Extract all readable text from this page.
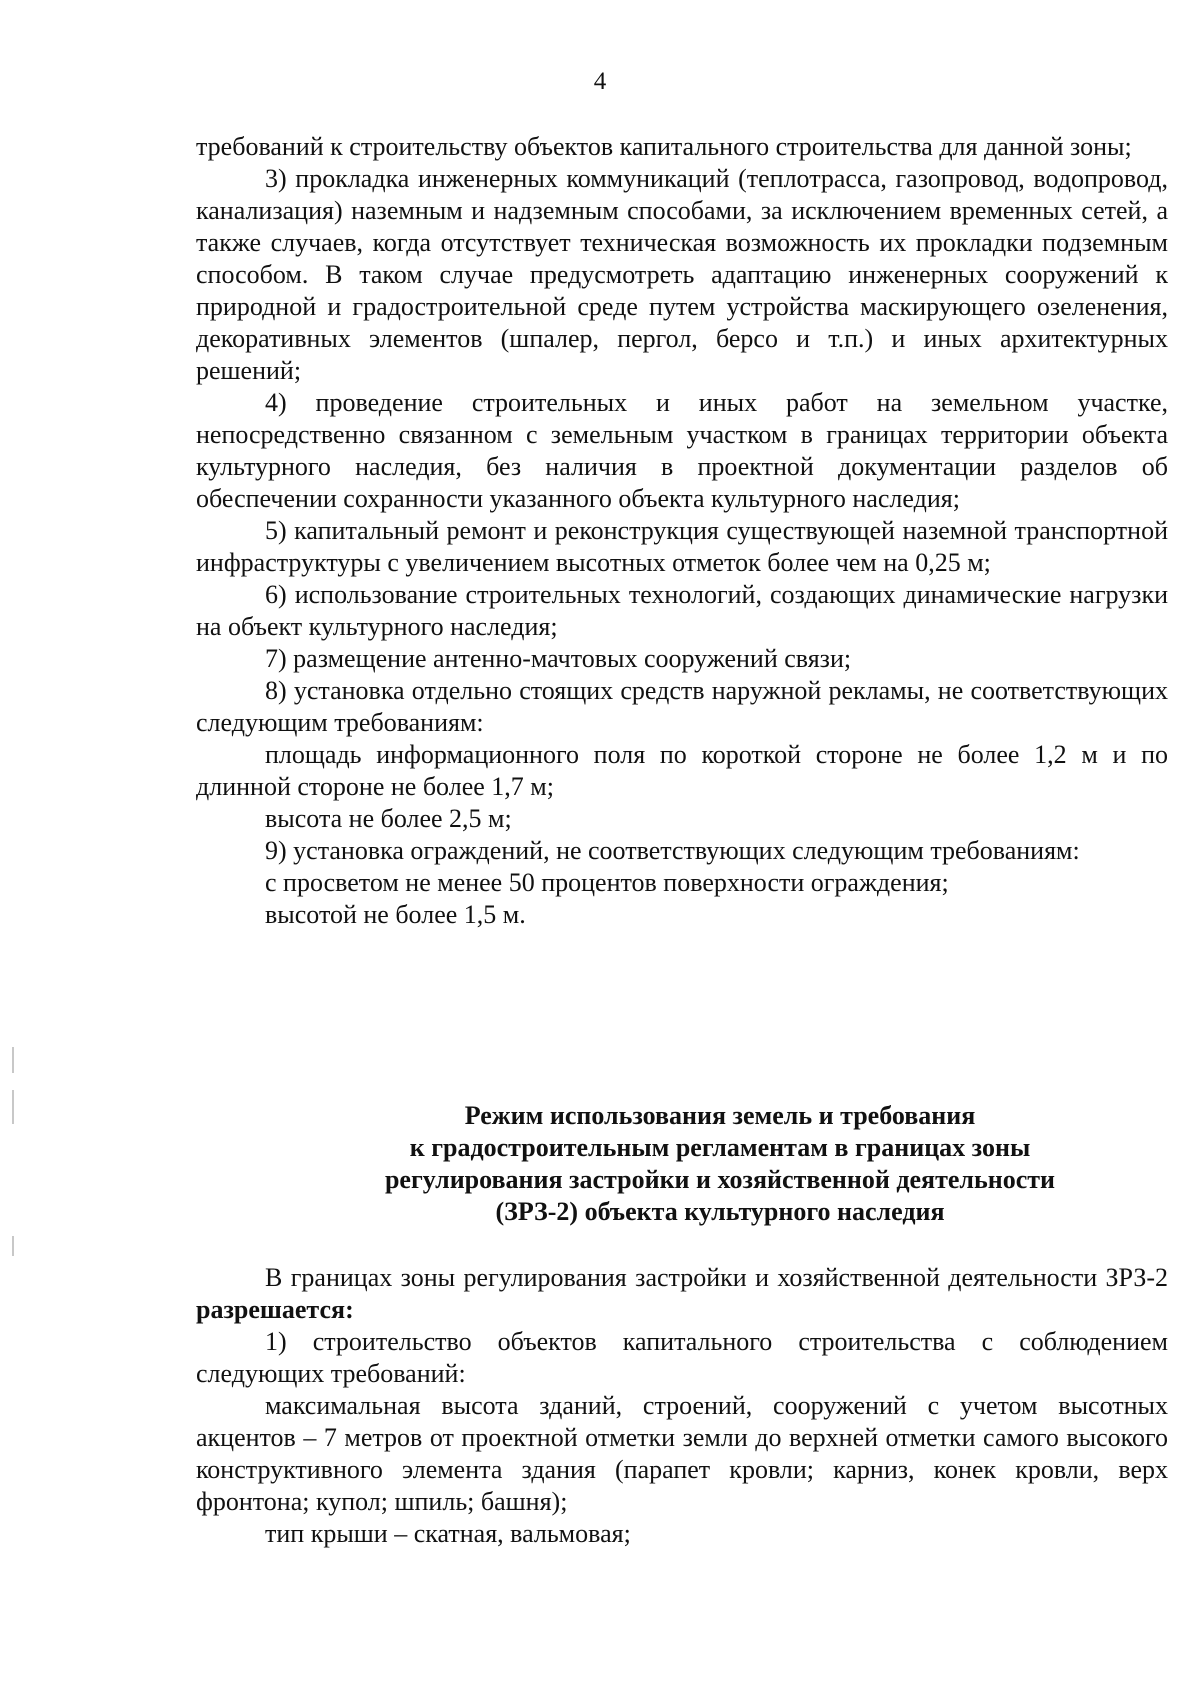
4

требований к строительству объектов капитального строительства для данной зоны;

3) прокладка инженерных коммуникаций (теплотрасса, газопровод, водопровод, канализация) наземным и надземным способами, за исключением временных сетей, а также случаев, когда отсутствует техническая возможность их прокладки подземным способом. В таком случае предусмотреть адаптацию инженерных сооружений к природной и градостроительной среде путем устройства маскирующего озеленения, декоративных элементов (шпалер, пергол, берсо и т.п.) и иных архитектурных решений;

4) проведение строительных и иных работ на земельном участке, непосредственно связанном с земельным участком в границах территории объекта культурного наследия, без наличия в проектной документации разделов об обеспечении сохранности указанного объекта культурного наследия;

5) капитальный ремонт и реконструкция существующей наземной транспортной инфраструктуры с увеличением высотных отметок более чем на 0,25 м;

6) использование строительных технологий, создающих динамические нагрузки на объект культурного наследия;

7) размещение антенно-мачтовых сооружений связи;

8) установка отдельно стоящих средств наружной рекламы, не соответствующих следующим требованиям:

площадь информационного поля по короткой стороне не более 1,2 м и по длинной стороне не более 1,7 м;

высота не более 2,5 м;

9) установка ограждений, не соответствующих следующим требованиям:

с просветом не менее 50 процентов поверхности ограждения;

высотой не более 1,5 м.

Режим использования земель и требования
к градостроительным регламентам в границах зоны
регулирования застройки и хозяйственной деятельности
(ЗРЗ-2) объекта культурного наследия

В границах зоны регулирования застройки и хозяйственной деятельности ЗРЗ-2 разрешается:

1) строительство объектов капитального строительства с соблюдением следующих требований:

максимальная высота зданий, строений, сооружений с учетом высотных акцентов – 7 метров от проектной отметки земли до верхней отметки самого высокого конструктивного элемента здания (парапет кровли; карниз, конек кровли, верх фронтона; купол; шпиль; башня);

тип крыши – скатная, вальмовая;
